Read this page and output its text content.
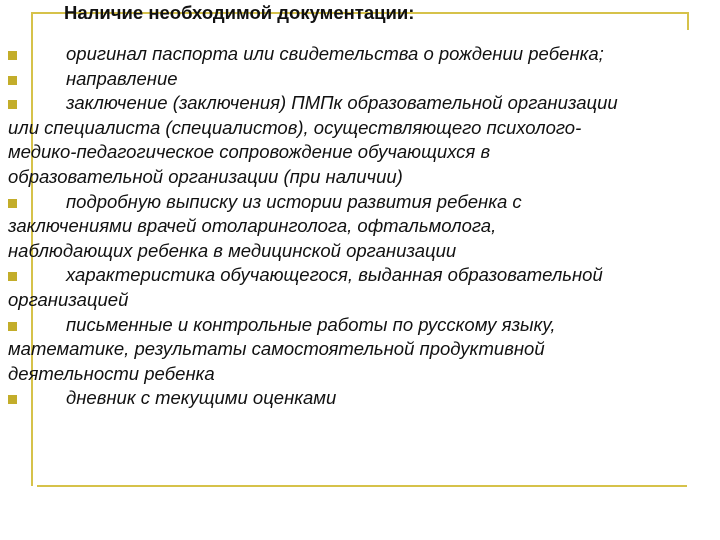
Наличие необходимой документации:
оригинал паспорта или свидетельства о рождении ребенка;
направление
заключение (заключения) ПМПк образовательной организации
или специалиста (специалистов), осуществляющего психолого-
медико-педагогическое сопровождение обучающихся в
образовательной организации (при наличии)
подробную выписку из истории развития ребенка с
заключениями врачей отоларинголога, офтальмолога,
наблюдающих ребенка в медицинской организации
характеристика обучающегося, выданная образовательной
организацией
письменные и контрольные работы по русскому языку,
математике, результаты самостоятельной продуктивной
деятельности ребенка
дневник с текущими оценками
